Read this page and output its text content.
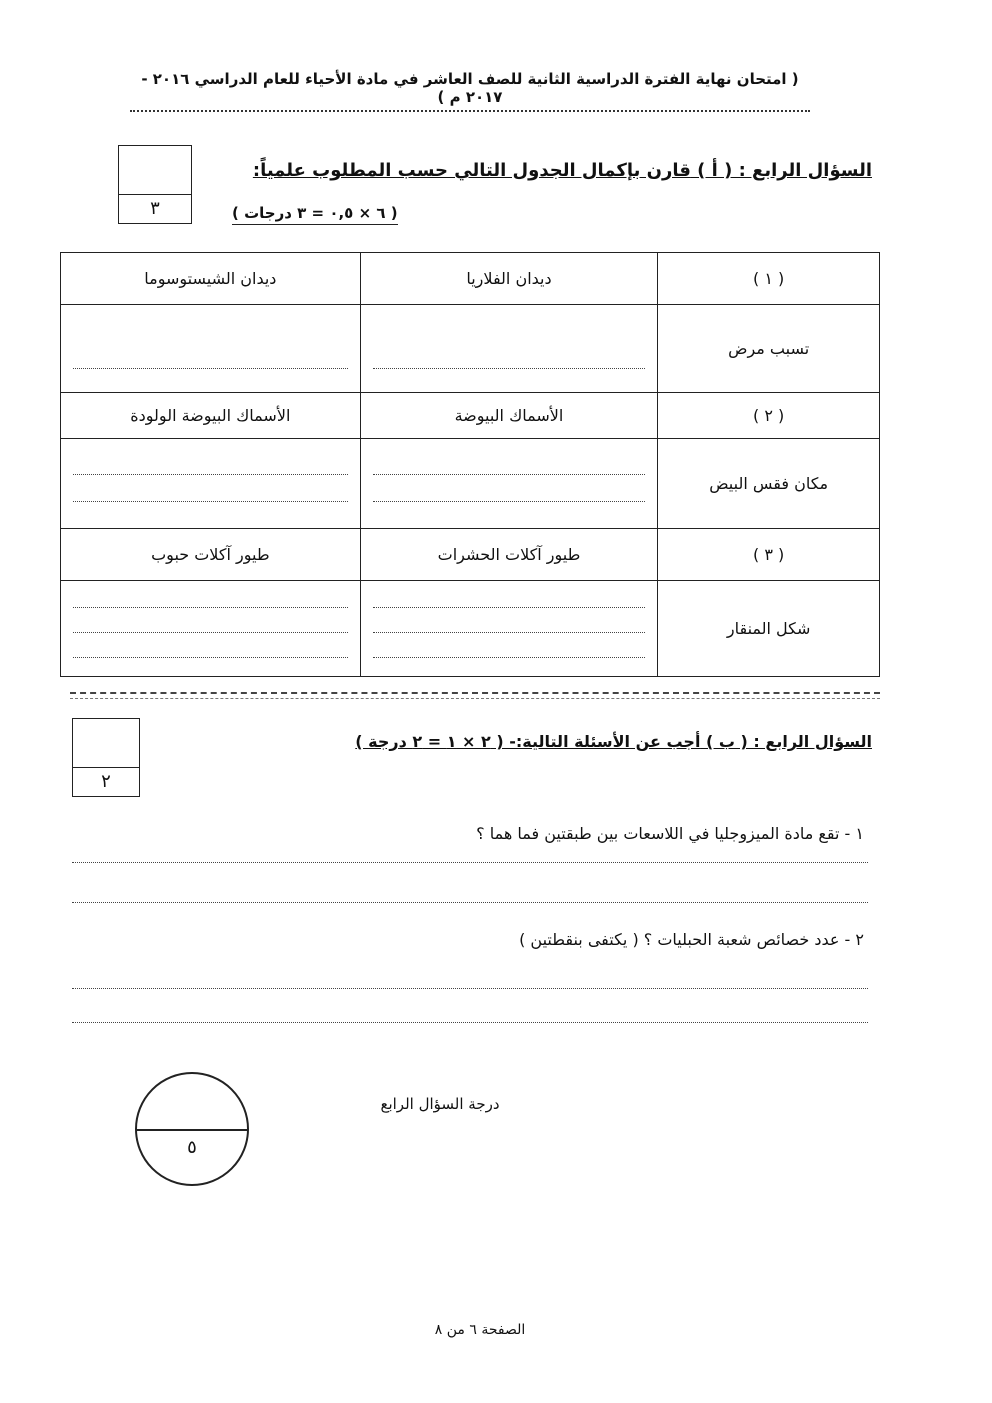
( امتحان نهاية الفترة الدراسية الثانية للصف العاشر في مادة الأحياء للعام الدراسي ٢٠١٦ - ٢٠١٧ م )
٣
السؤال الرابع : ( أ ) قارن بإكمال الجدول التالي حسب المطلوب علمياً:
( ٦ × ٠,٥ = ٣ درجات )
( ١ )	ديدان الفلاريا	ديدان الشيستوسوما
تسبب مرض	

( ٢ )	الأسماك البيوضة	الأسماك البيوضة الولودة
مكان فقس البيض	

( ٣ )	طيور آكلات الحشرات	طيور آكلات حبوب
شكل المنقار	

٢
السؤال الرابع : ( ب ) أجب عن الأسئلة التالية:- ( ٢ × ١ = ٢ درجة )
١ - تقع مادة الميزوجليا في اللاسعات بين طبقتين فما هما ؟
٢ - عدد خصائص شعبة الحبليات ؟ ( يكتفى بنقطتين )
٥
درجة السؤال الرابع
الصفحة ٦ من ٨
